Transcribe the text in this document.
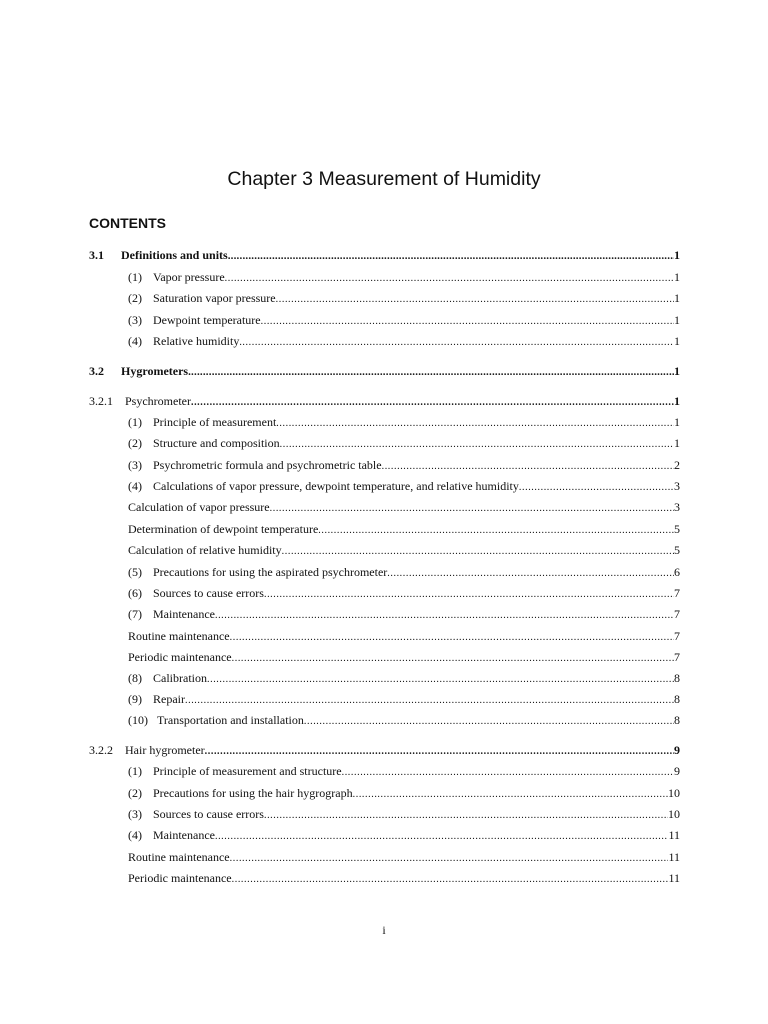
Chapter 3 Measurement of Humidity
CONTENTS
3.1	Definitions and units .....	1
(1) Vapor pressure .....	1
(2) Saturation vapor pressure .....	1
(3) Dewpoint temperature .....	1
(4) Relative humidity .....	1
3.2	Hygrometers .....	1
3.2.1	Psychrometer .....	1
(1) Principle of measurement .....	1
(2) Structure and composition .....	1
(3) Psychrometric formula and psychrometric table .....	2
(4) Calculations of vapor pressure, dewpoint temperature, and relative humidity .....	3
Calculation of vapor pressure .....	3
Determination of dewpoint temperature .....	5
Calculation of relative humidity .....	5
(5) Precautions for using the aspirated psychrometer .....	6
(6) Sources to cause errors .....	7
(7) Maintenance .....	7
Routine maintenance .....	7
Periodic maintenance .....	7
(8) Calibration .....	8
(9) Repair .....	8
(10) Transportation and installation .....	8
3.2.2	Hair hygrometer .....	9
(1) Principle of measurement and structure .....	9
(2) Precautions for using the hair hygrograph .....	10
(3) Sources to cause errors .....	10
(4) Maintenance .....	11
Routine maintenance .....	11
Periodic maintenance .....	11
i
